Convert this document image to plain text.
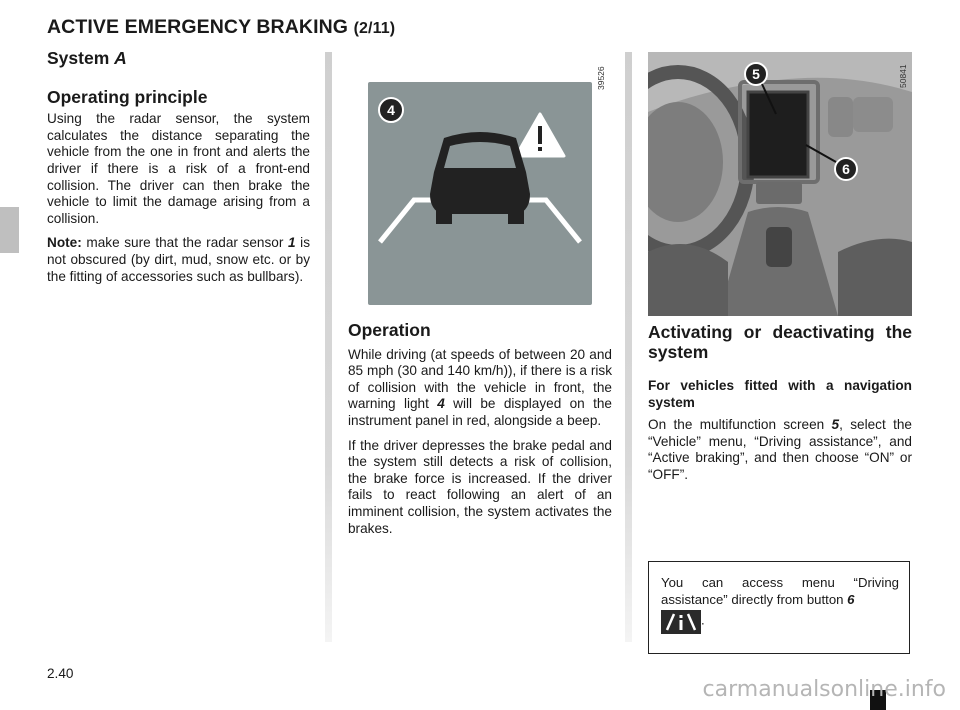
ACTIVE EMERGENCY BRAKING (2/11)
System A
Operating principle

Using the radar sensor, the system calculates the distance separating the vehicle from the one in front and alerts the driver if there is a risk of a front-end collision. The driver can then brake the vehicle to limit the damage arising from a collision.

Note: make sure that the radar sensor 1 is not obscured (by dirt, mud, snow etc. or by the fitting of accessories such as bullbars).

4
39526
Operation

While driving (at speeds of between 20 and 85 mph (30 and 140 km/h)), if there is a risk of collision with the vehicle in front, the warning light 4 will be displayed on the instrument panel in red, alongside a beep.

If the driver depresses the brake pedal and the system still detects a risk of collision, the brake force is increased. If the driver fails to react following an alert of an imminent collision, the system activates the brakes.

5
6
50841
Activating or deactivating the system
For vehicles fitted with a navigation system

On the multifunction screen 5, select the “Vehicle” menu, “Driving assistance”, and “Active braking”, and then choose “ON” or “OFF”.

You can access menu “Driving assistance” directly from button 6
.
2.40
carmanualsonline.info
